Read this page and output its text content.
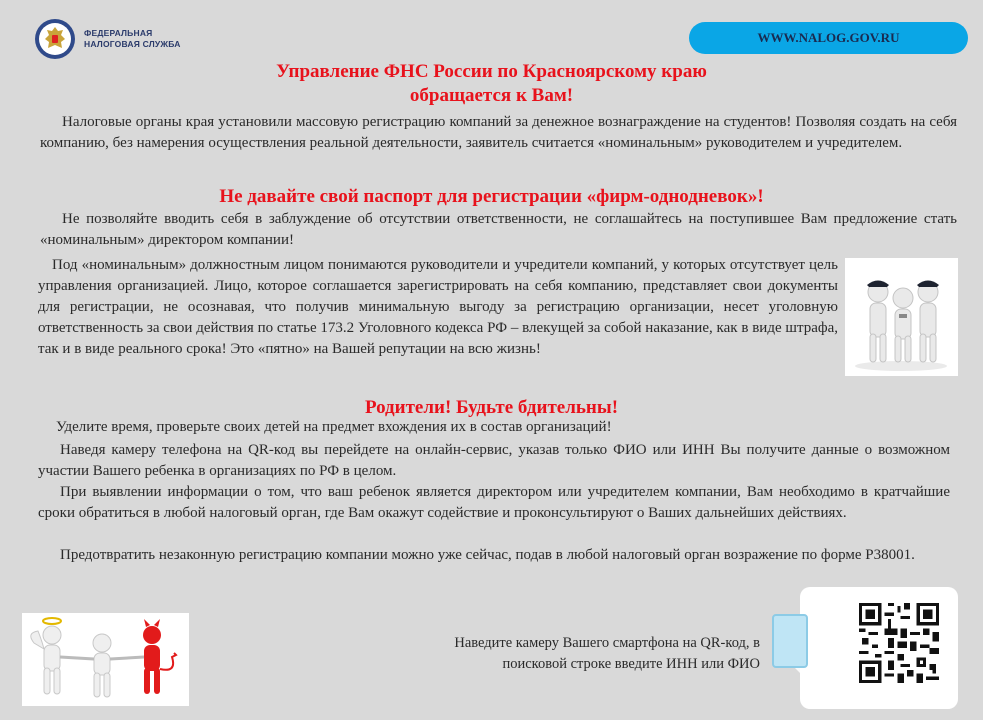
ФЕДЕРАЛЬНАЯ
НАЛОГОВАЯ СЛУЖБА	WWW.NALOG.GOV.RU
Управление ФНС России по Красноярскому краю
обращается к Вам!

Налоговые органы края установили массовую регистрацию компаний за денежное вознаграждение на студентов! Позволяя создать на себя компанию, без намерения осуществления реальной деятельности, заявитель считается «номинальным» руководителем и учредителем.

Не давайте свой паспорт для регистрации «фирм-однодневок»!

Не позволяйте вводить себя в заблуждение об отсутствии ответственности, не соглашайтесь на поступившее Вам предложение стать «номинальным» директором компании!

Под «номинальным» должностным лицом понимаются руководители и учредители компаний, у которых отсутствует цель управления организацией. Лицо, которое соглашается зарегистрировать на себя компанию, представляет свои документы для регистрации, не осознавая, что получив минимальную выгоду за регистрацию организации, несет уголовную ответственность за свои действия по статье 173.2 Уголовного кодекса РФ – влекущей за собой наказание, как в виде штрафа, так и в виде реального срока! Это «пятно» на Вашей репутации на всю жизнь!

Родители! Будьте бдительны!

Уделите время, проверьте своих детей на предмет вхождения их в состав организаций!

Наведя камеру телефона на QR-код вы перейдете на онлайн-сервис, указав только ФИО или ИНН Вы получите данные о возможном участии Вашего ребенка в организациях по РФ в целом.

При выявлении информации о том, что ваш ребенок является директором или учредителем компании, Вам необходимо в кратчайшие сроки обратиться в любой налоговый орган, где Вам окажут содействие и проконсультируют о Ваших дальнейших действиях.

Предотвратить незаконную регистрацию компании можно уже сейчас, подав в любой налоговый орган возражение по форме Р38001.

Наведите камеру Вашего смартфона на QR-код, в поисковой строке введите ИНН или ФИО
